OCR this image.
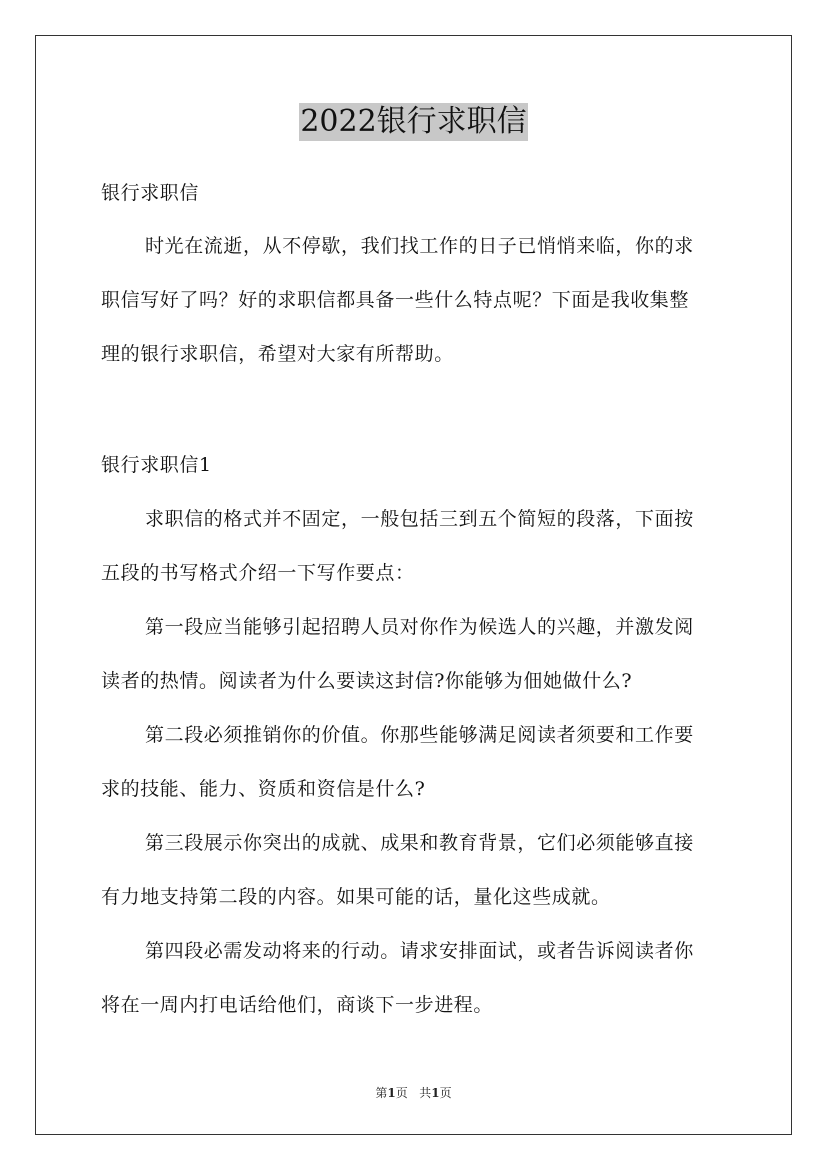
2022银行求职信
银行求职信
时光在流逝，从不停歇，我们找工作的日子已悄悄来临，你的求
职信写好了吗？好的求职信都具备一些什么特点呢？下面是我收集整
理的银行求职信，希望对大家有所帮助。
银行求职信1
求职信的格式并不固定，一般包括三到五个简短的段落，下面按
五段的书写格式介绍一下写作要点：
第一段应当能够引起招聘人员对你作为候选人的兴趣，并激发阅
读者的热情。阅读者为什么要读这封信?你能够为佃她做什么?
第二段必须推销你的价值。你那些能够满足阅读者须要和工作要
求的技能、能力、资质和资信是什么?
第三段展示你突出的成就、成果和教育背景，它们必须能够直接
有力地支持第二段的内容。如果可能的话，量化这些成就。
第四段必需发动将来的行动。请求安排面试，或者告诉阅读者你
将在一周内打电话给他们，商谈下一步进程。
第1页 共1页
